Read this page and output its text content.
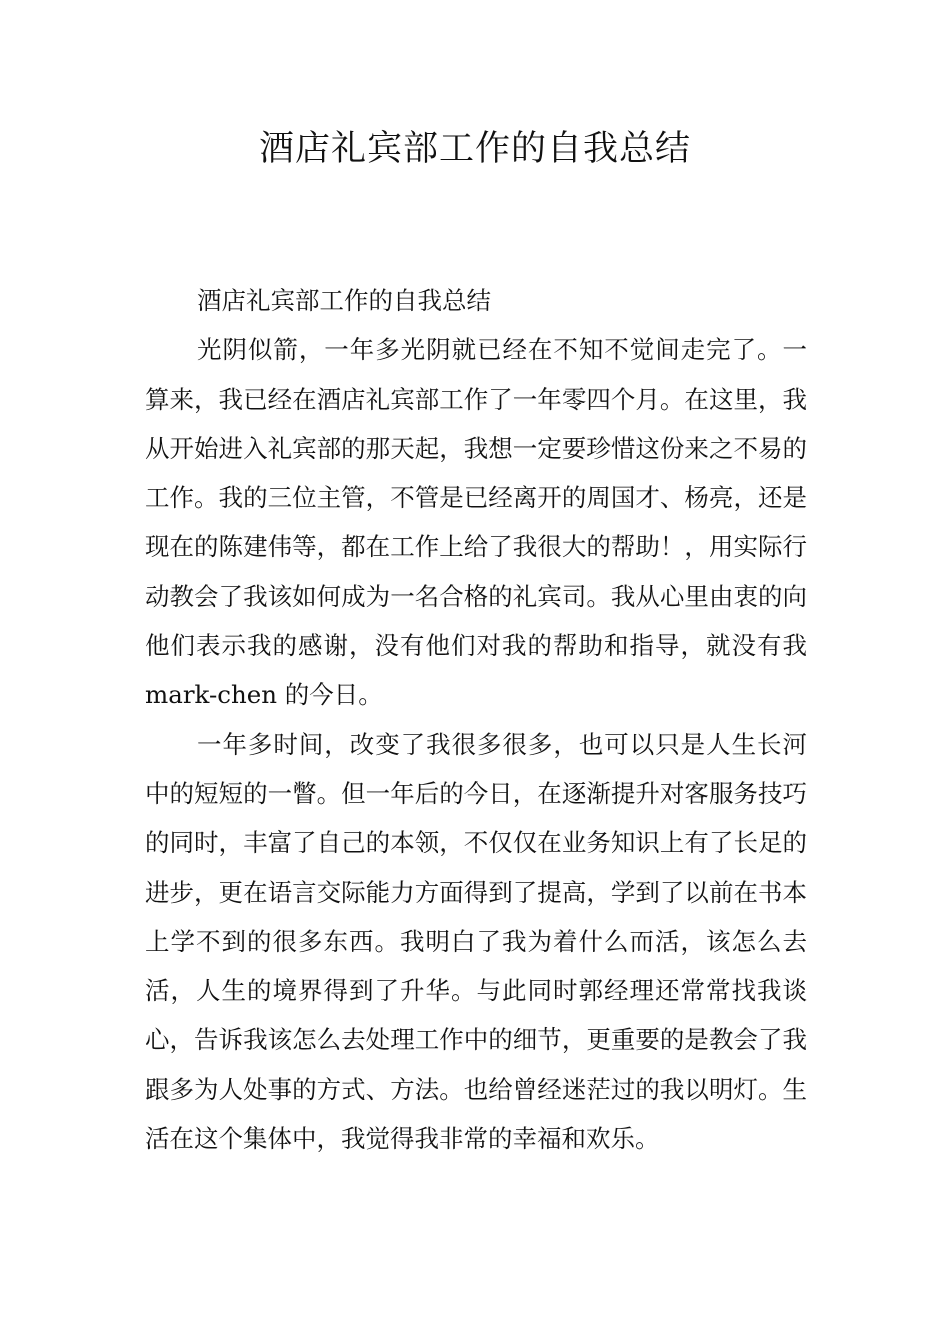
酒店礼宾部工作的自我总结

酒店礼宾部工作的自我总结

光阴似箭，一年多光阴就已经在不知不觉间走完了。一算来，我已经在酒店礼宾部工作了一年零四个月。在这里，我从开始进入礼宾部的那天起，我想一定要珍惜这份来之不易的工作。我的三位主管，不管是已经离开的周国才、杨亮，还是现在的陈建伟等，都在工作上给了我很大的帮助！，用实际行动教会了我该如何成为一名合格的礼宾司。我从心里由衷的向他们表示我的感谢，没有他们对我的帮助和指导，就没有我 mark-chen 的今日。

一年多时间，改变了我很多很多，也可以只是人生长河中的短短的一瞥。但一年后的今日，在逐渐提升对客服务技巧的同时，丰富了自己的本领，不仅仅在业务知识上有了长足的进步，更在语言交际能力方面得到了提高，学到了以前在书本上学不到的很多东西。我明白了我为着什么而活，该怎么去活，人生的境界得到了升华。与此同时郭经理还常常找我谈心，告诉我该怎么去处理工作中的细节，更重要的是教会了我跟多为人处事的方式、方法。也给曾经迷茫过的我以明灯。生活在这个集体中，我觉得我非常的幸福和欢乐。
